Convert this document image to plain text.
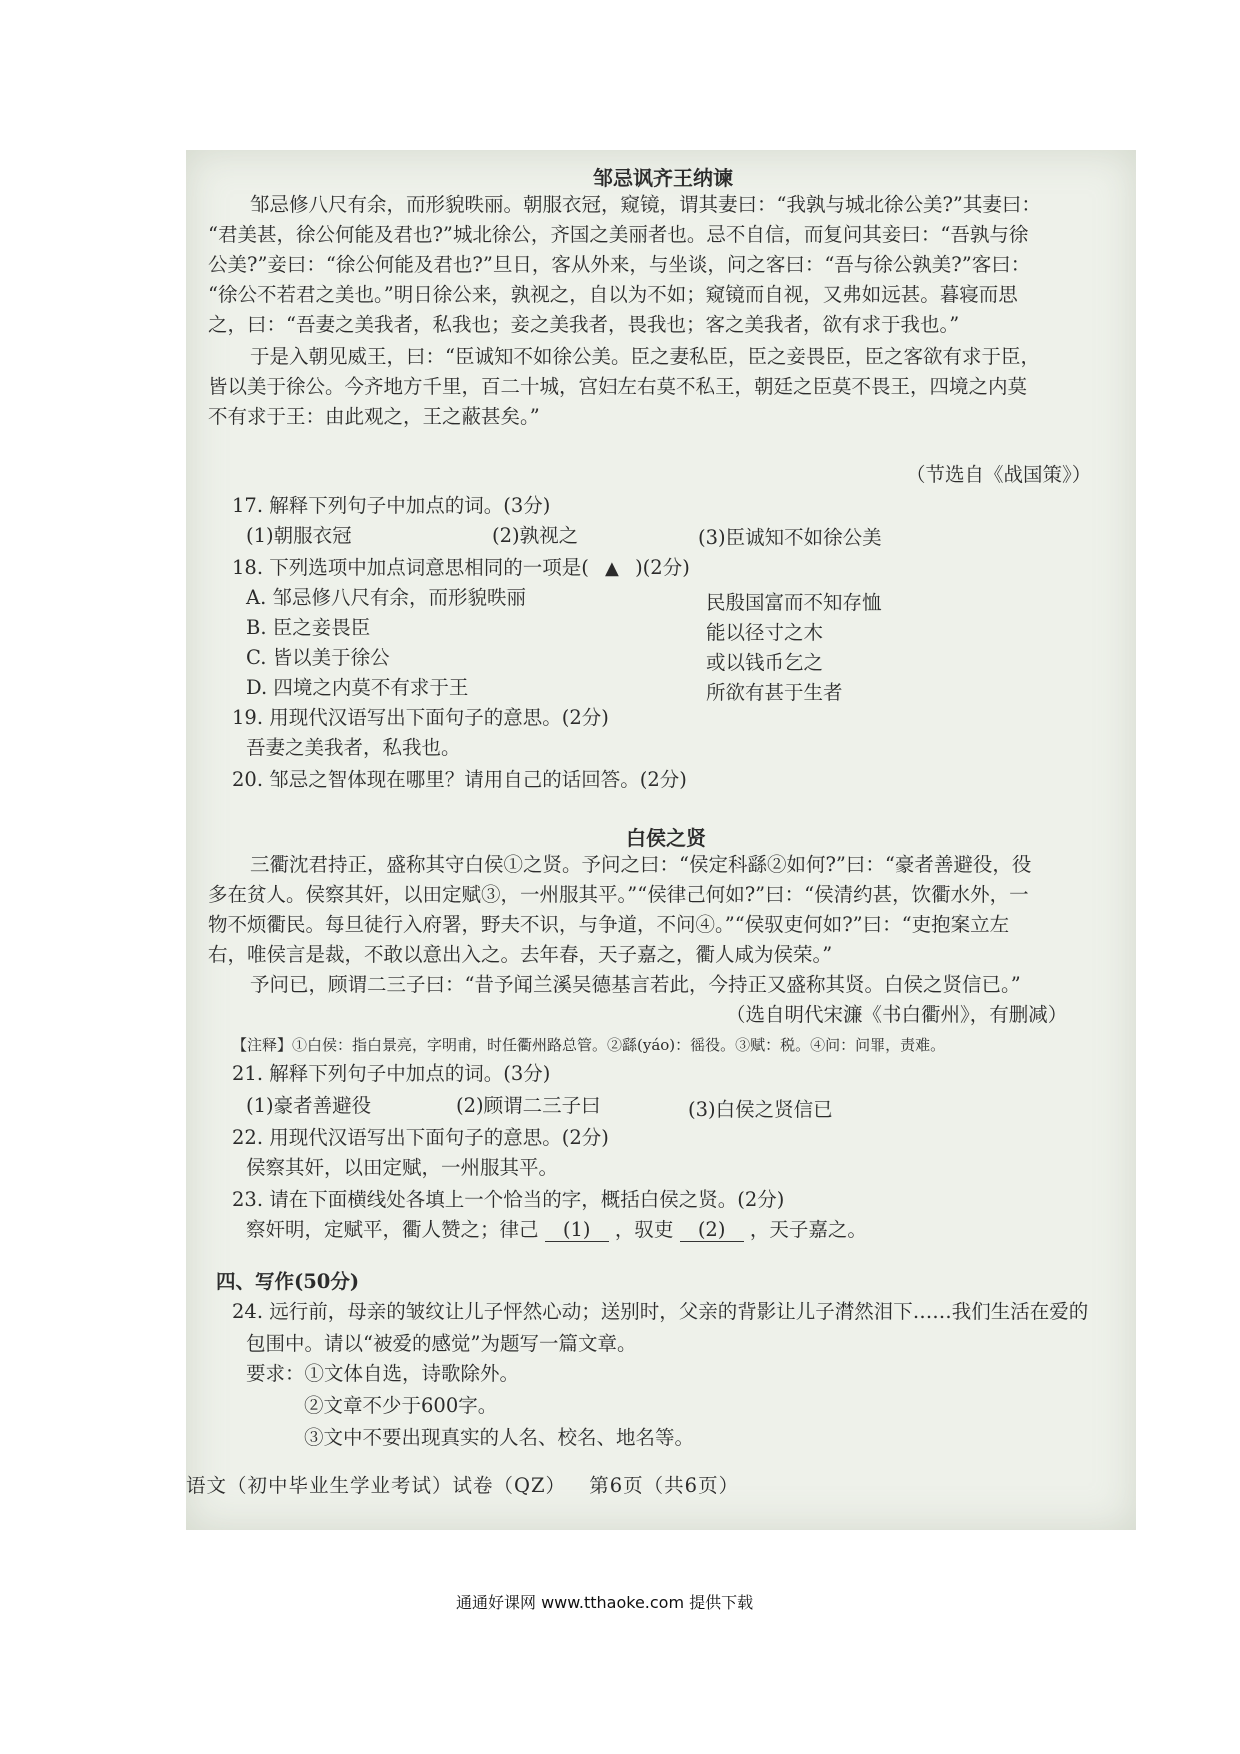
邹忌讽齐王纳谏
邹忌修八尺有余，而形貌昳丽。朝服衣冠，窥镜，谓其妻曰：“我孰与城北徐公美?”其妻曰：
“君美甚，徐公何能及君也?”城北徐公，齐国之美丽者也。忌不自信，而复问其妾曰：“吾孰与徐
公美?”妾曰：“徐公何能及君也?”旦日，客从外来，与坐谈，问之客曰：“吾与徐公孰美?”客曰：
“徐公不若君之美也。”明日徐公来，孰视之，自以为不如；窥镜而自视，又弗如远甚。暮寝而思
之，曰：“吾妻之美我者，私我也；妾之美我者，畏我也；客之美我者，欲有求于我也。”
于是入朝见威王，曰：“臣诚知不如徐公美。臣之妻私臣，臣之妾畏臣，臣之客欲有求于臣，
皆以美于徐公。今齐地方千里，百二十城，宫妇左右莫不私王，朝廷之臣莫不畏王，四境之内莫
不有求于王：由此观之，王之蔽甚矣。”
（节选自《战国策》）
17. 解释下列句子中加点的词。(3分)
(1)朝服衣冠	(2)孰视之	(3)臣诚知不如徐公美
18. 下列选项中加点词意思相同的一项是( ▲ )(2分)
A. 邹忌修八尺有余，而形貌昳丽	民殷国富而不知存恤
B. 臣之妾畏臣	能以径寸之木
C. 皆以美于徐公	或以钱币乞之
D. 四境之内莫不有求于王	所欲有甚于生者
19. 用现代汉语写出下面句子的意思。(2分)
吾妻之美我者，私我也。
20. 邹忌之智体现在哪里？请用自己的话回答。(2分)
白侯之贤
三衢沈君持正，盛称其守白侯①之贤。予问之曰：“侯定科繇②如何?”曰：“豪者善避役，役
多在贫人。侯察其奸，以田定赋③，一州服其平。”“侯律己何如?”曰：“侯清约甚，饮衢水外，一
物不烦衢民。每旦徒行入府署，野夫不识，与争道，不问④。”“侯驭吏何如?”曰：“吏抱案立左
右，唯侯言是裁，不敢以意出入之。去年春，天子嘉之，衢人咸为侯荣。”
予问已，顾谓二三子曰：“昔予闻兰溪吴德基言若此，今持正又盛称其贤。白侯之贤信已。”
（选自明代宋濂《书白衢州》，有删减）
【注释】①白侯：指白景亮，字明甫，时任衢州路总管。②繇(yáo)：徭役。③赋：税。④问：问罪，责难。
21. 解释下列句子中加点的词。(3分)
(1)豪者善避役	(2)顾谓二三子曰	(3)白侯之贤信已
22. 用现代汉语写出下面句子的意思。(2分)
侯察其奸，以田定赋，一州服其平。
23. 请在下面横线处各填上一个恰当的字，概括白侯之贤。(2分)
察奸明，定赋平，衢人赞之；律己 (1) ，驭吏 (2) ，天子嘉之。
四、写作(50分)
24. 远行前，母亲的皱纹让儿子怦然心动；送别时，父亲的背影让儿子潸然泪下……我们生活在爱的
包围中。请以“被爱的感觉”为题写一篇文章。
要求：①文体自选，诗歌除外。
②文章不少于600字。
③文中不要出现真实的人名、校名、地名等。
语文（初中毕业生学业考试）试卷（QZ） 第6页（共6页）
通通好课网 www.tthaoke.com 提供下载
